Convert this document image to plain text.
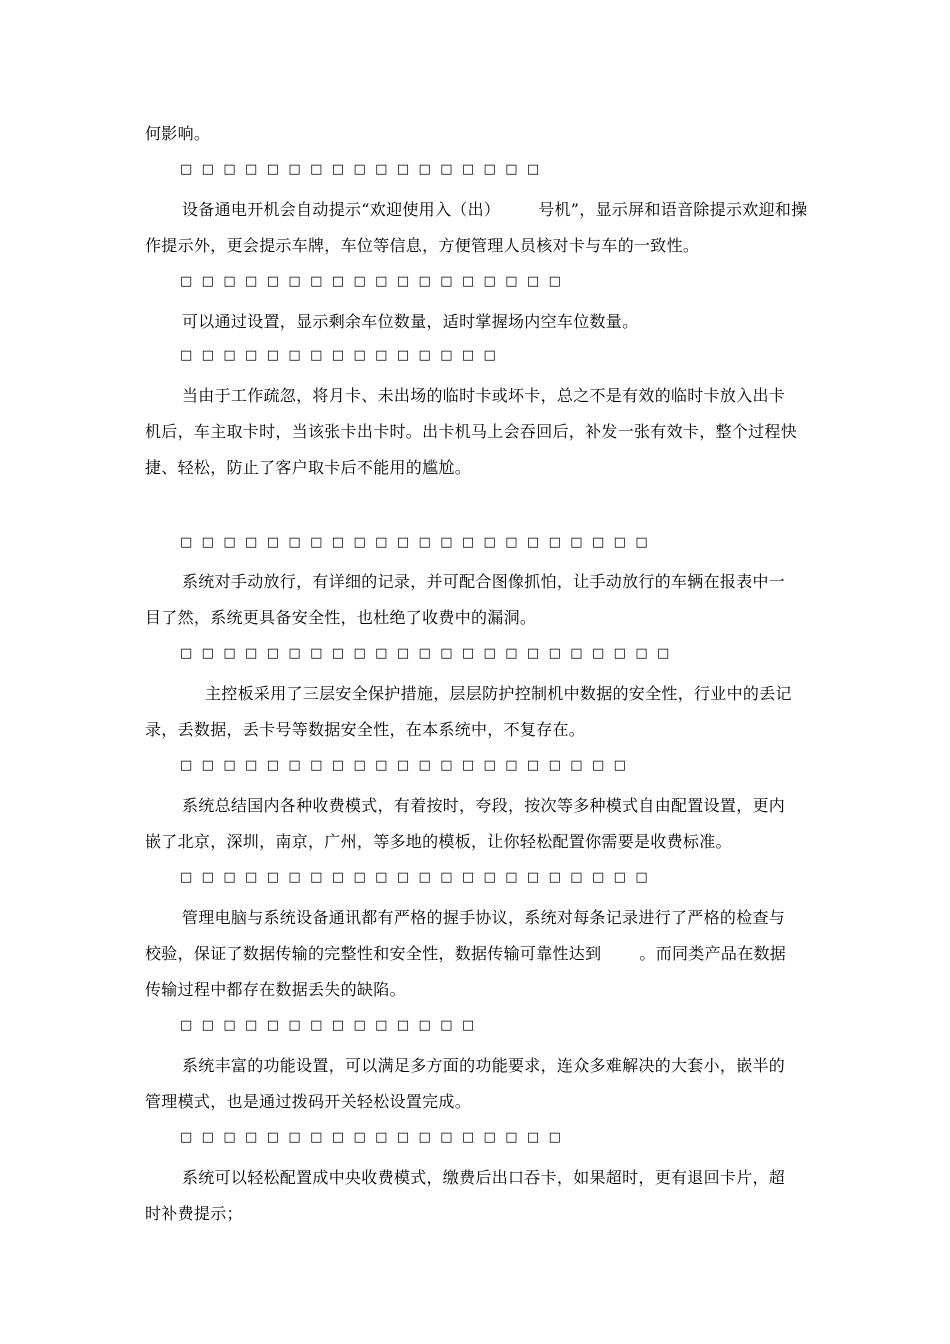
何影响。
□□□□□□□□□□□□□□□□□
设备通电开机会自动提示“欢迎使用入（出） 号机”，显示屏和语音除提示欢迎和操
作提示外，更会提示车牌，车位等信息，方便管理人员核对卡与车的一致性。
□□□□□□□□□□□□□□□□□□
可以通过设置，显示剩余车位数量，适时掌握场内空车位数量。
□□□□□□□□□□□□□□□
当由于工作疏忽，将月卡、未出场的临时卡或坏卡，总之不是有效的临时卡放入出卡
机后，车主取卡时，当该张卡出卡时。出卡机马上会吞回后，补发一张有效卡，整个过程快
捷、轻松，防止了客户取卡后不能用的尴尬。
□□□□□□□□□□□□□□□□□□□□□□
系统对手动放行，有详细的记录，并可配合图像抓怕，让手动放行的车辆在报表中一
目了然，系统更具备安全性，也杜绝了收费中的漏洞。
□□□□□□□□□□□□□□□□□□□□□□□
主控板采用了三层安全保护措施，层层防护控制机中数据的安全性，行业中的丢记
录，丢数据，丢卡号等数据安全性，在本系统中，不复存在。
□□□□□□□□□□□□□□□□□□□□□
系统总结国内各种收费模式，有着按时，夸段，按次等多种模式自由配置设置，更内
嵌了北京，深圳，南京，广州，等多地的模板，让你轻松配置你需要是收费标准。
□□□□□□□□□□□□□□□□□□□□□□
管理电脑与系统设备通讯都有严格的握手协议，系统对每条记录进行了严格的检查与
校验，保证了数据传输的完整性和安全性，数据传输可靠性达到 。而同类产品在数据
传输过程中都存在数据丢失的缺陷。
□□□□□□□□□□□□□□
系统丰富的功能设置，可以满足多方面的功能要求，连众多难解决的大套小，嵌半的
管理模式，也是通过拨码开关轻松设置完成。
□□□□□□□□□□□□□□□□□□
系统可以轻松配置成中央收费模式，缴费后出口吞卡，如果超时，更有退回卡片，超
时补费提示；
